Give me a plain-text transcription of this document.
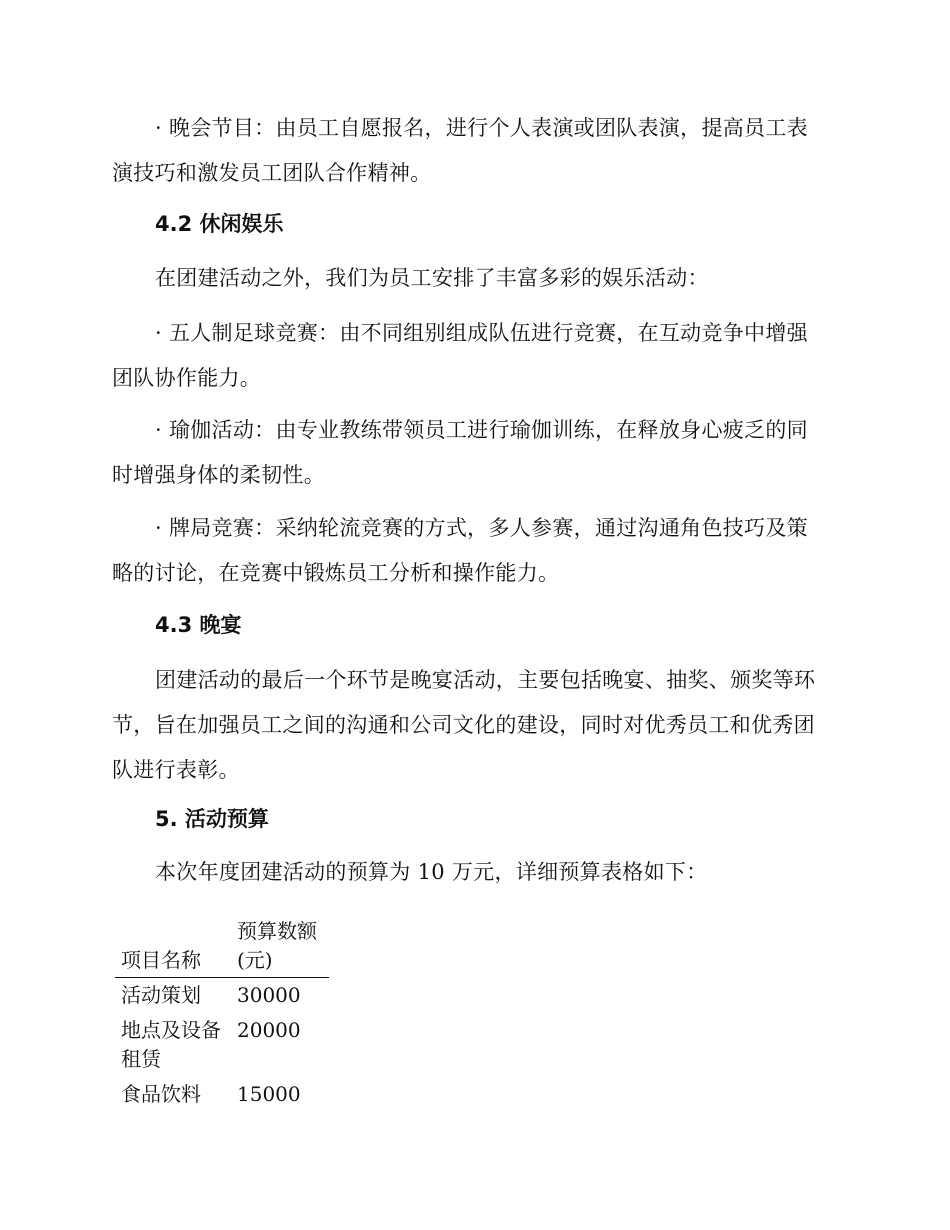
· 晚会节目：由员工自愿报名，进行个人表演或团队表演，提高员工表演技巧和激发员工团队合作精神。

4.2 休闲娱乐

在团建活动之外，我们为员工安排了丰富多彩的娱乐活动：

· 五人制足球竞赛：由不同组别组成队伍进行竞赛，在互动竞争中增强团队协作能力。

· 瑜伽活动：由专业教练带领员工进行瑜伽训练，在释放身心疲乏的同时增强身体的柔韧性。

· 牌局竞赛：采纳轮流竞赛的方式，多人参赛，通过沟通角色技巧及策略的讨论，在竞赛中锻炼员工分析和操作能力。

4.3 晚宴

团建活动的最后一个环节是晚宴活动，主要包括晚宴、抽奖、颁奖等环节，旨在加强员工之间的沟通和公司文化的建设，同时对优秀员工和优秀团队进行表彰。

5. 活动预算

本次年度团建活动的预算为 10 万元，详细预算表格如下：

项目名称	预算数额 (元)
活动策划	30000
地点及设备租赁	20000
食品饮料	15000
